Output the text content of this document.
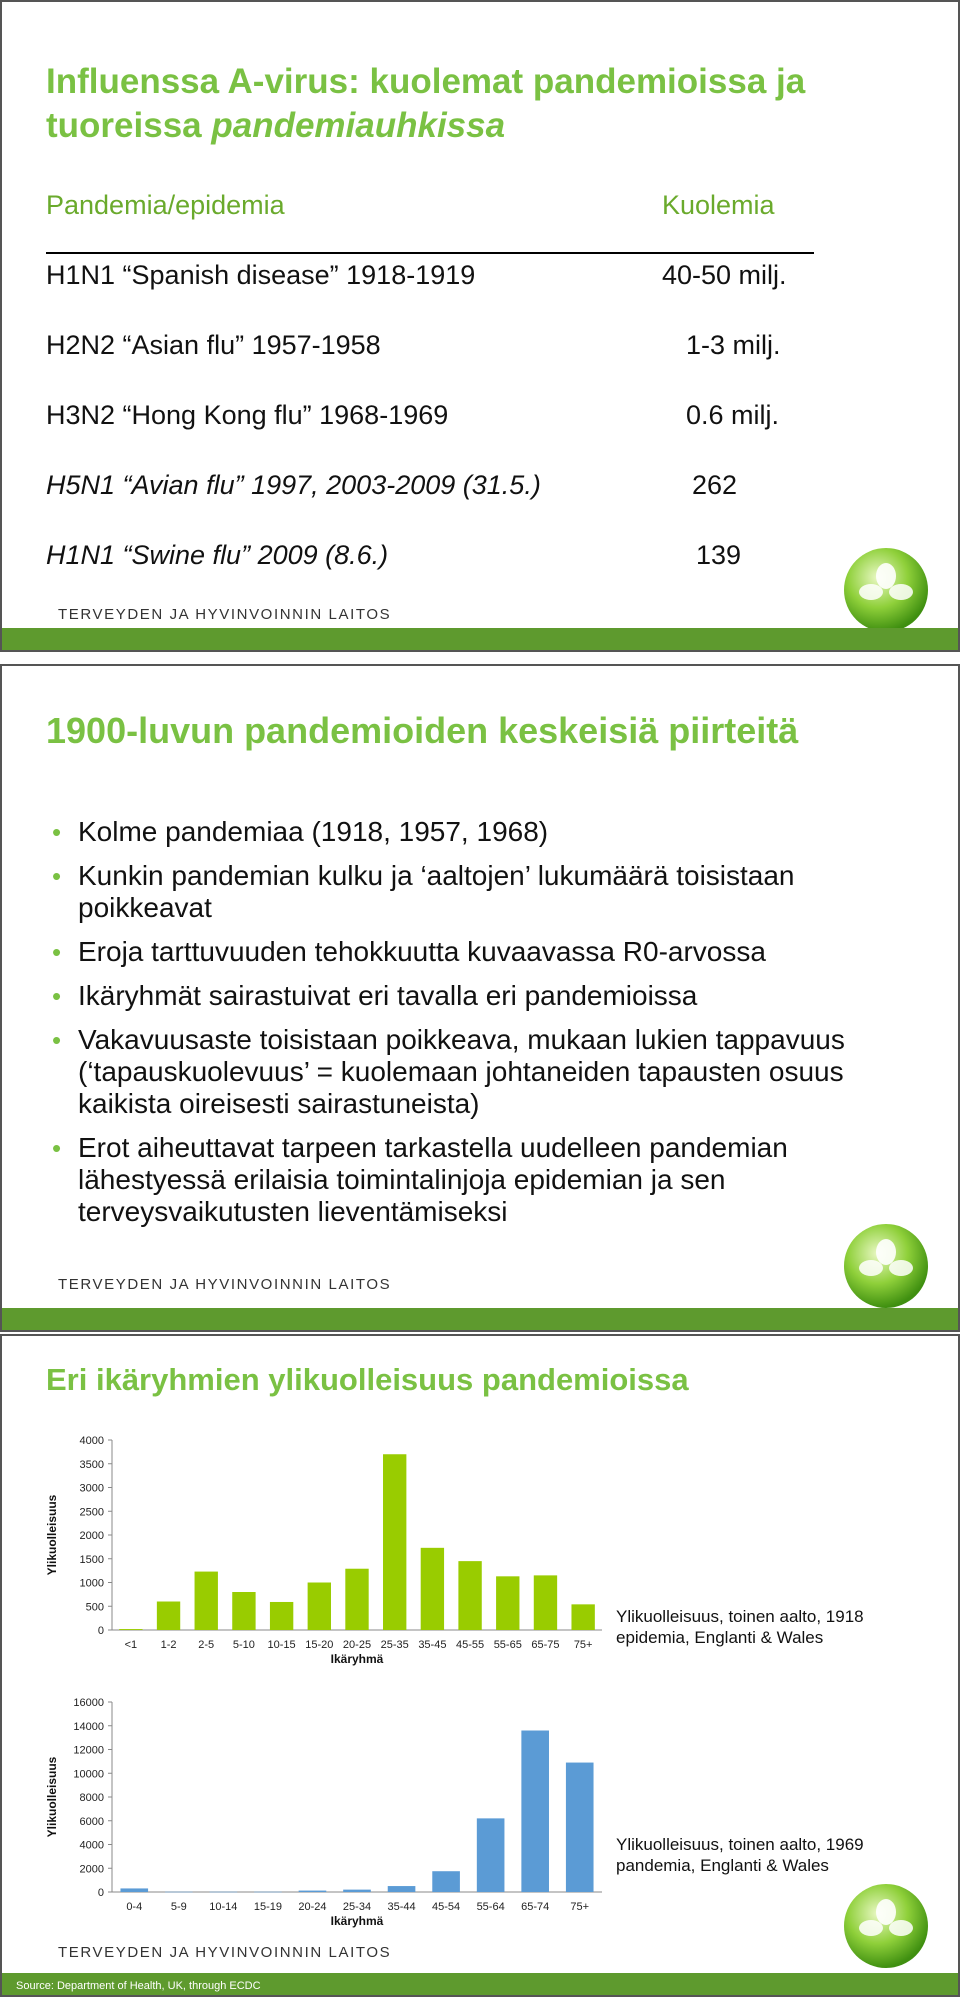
Influenssa A-virus: kuolemat pandemioissa ja
tuoreissa pandemiauhkissa
Pandemia/epidemia	Kuolemia
H1N1 “Spanish disease” 1918-1919	40-50 milj.
H2N2 “Asian flu” 1957-1958	1-3 milj.
H3N2 “Hong Kong flu” 1968-1969	0.6 milj.
H5N1 “Avian flu” 1997, 2003-2009 (31.5.)	262
H1N1 “Swine flu” 2009 (8.6.)	139
TERVEYDEN JA HYVINVOINNIN LAITOS
1900-luvun pandemioiden keskeisiä piirteitä
• Kolme pandemiaa (1918, 1957, 1968)
• Kunkin pandemian kulku ja ‘aaltojen’ lukumäärä toisistaan poikkeavat
• Eroja tarttuvuuden tehokkuutta kuvaavassa R0-arvossa
• Ikäryhmät sairastuivat eri tavalla eri pandemioissa
• Vakavuusaste toisistaan poikkeava, mukaan lukien tappavuus (‘tapauskuolevuus’ = kuolemaan johtaneiden tapausten osuus kaikista oireisesti sairastuneista)
• Erot aiheuttavat tarpeen tarkastella uudelleen pandemian lähestyessä erilaisia toimintalinjoja epidemian ja sen terveysvaikutusten lieventämiseksi
TERVEYDEN JA HYVINVOINNIN LAITOS
Eri ikäryhmien ylikuolleisuus pandemioissa
0
500
1000
1500
2000
2500
3000
3500
4000
<1 1-2 2-5 5-10 10-15 15-20 20-25 25-35 35-45 45-55 55-65 65-75 75+
Ikäryhmä
Ylikuolleisuus
Ylikuolleisuus, toinen aalto, 1918 epidemia, Englanti & Wales
0
2000
4000
6000
8000
10000
12000
14000
16000
0-4	5-9 10-14 15-19 20-24 25-34 35-44 45-54 55-64 65-74 75+
Ikäryhmä
Ylikuolleisuus
Ylikuolleisuus, toinen aalto, 1969 pandemia, Englanti & Wales
TERVEYDEN JA HYVINVOINNIN LAITOS
Source: Department of Health, UK, through ECDC
